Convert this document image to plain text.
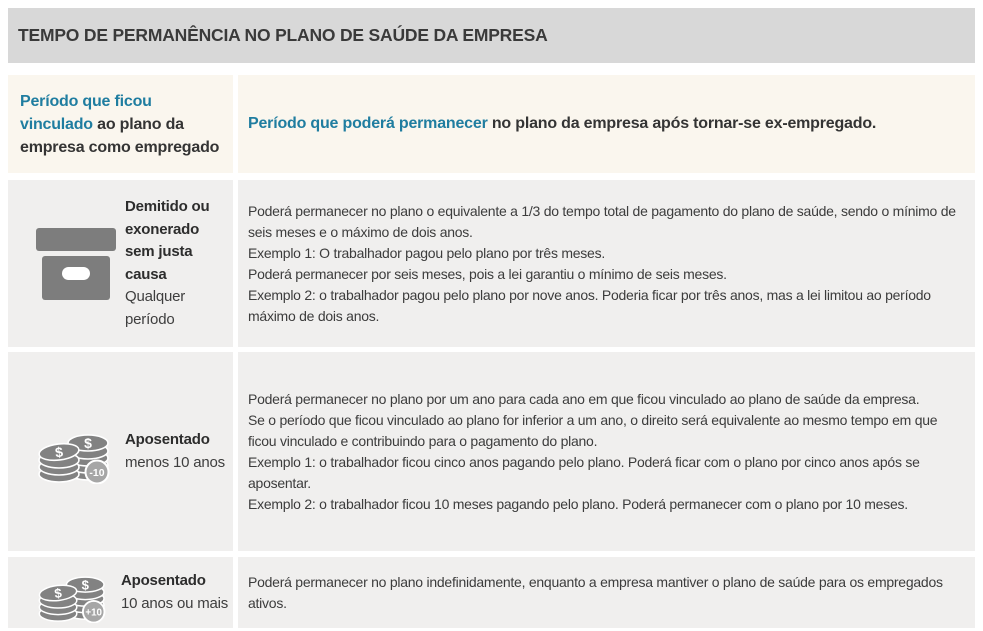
TEMPO DE PERMANÊNCIA NO PLANO DE SAÚDE DA EMPRESA
Período que ficou vinculado ao plano da empresa como empregado
Período que poderá permanecer no plano da empresa após tornar-se ex-empregado.
Demitido ou
exonerado
sem justa causa
Qualquer período

Poderá permanecer no plano o equivalente a 1/3 do tempo total de pagamento do plano de saúde, sendo o mínimo de seis meses e o máximo de dois anos.

Exemplo 1: O trabalhador pagou pelo plano por três meses.

Poderá permanecer por seis meses, pois a lei garantiu o mínimo de seis meses.

Exemplo 2: o trabalhador pagou pelo plano por nove anos. Poderia ficar por três anos, mas a lei limitou ao período máximo de dois anos.

$
$
-10
Aposentado
menos 10 anos

Poderá permanecer no plano por um ano para cada ano em que ficou vinculado ao plano de saúde da empresa.

Se o período que ficou vinculado ao plano for inferior a um ano, o direito será equivalente ao mesmo tempo em que ficou vinculado e contribuindo para o pagamento do plano.

Exemplo 1: o trabalhador ficou cinco anos pagando pelo plano. Poderá ficar com o plano por cinco anos após se aposentar.

Exemplo 2: o trabalhador ficou 10 meses pagando pelo plano. Poderá permanecer com o plano por 10 meses.

$
$
+10
Aposentado
10 anos ou mais

Poderá permanecer no plano indefinidamente, enquanto a empresa mantiver o plano de saúde para os empregados ativos.
